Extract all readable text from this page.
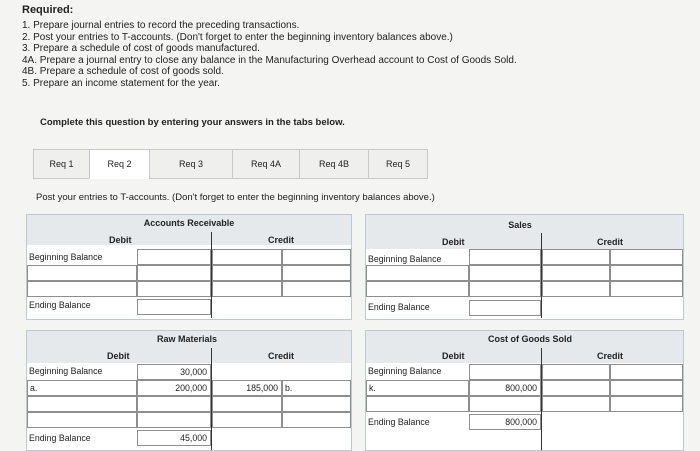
Required:
1. Prepare journal entries to record the preceding transactions.
2. Post your entries to T-accounts. (Don't forget to enter the beginning inventory balances above.)
3. Prepare a schedule of cost of goods manufactured.
4A. Prepare a journal entry to close any balance in the Manufacturing Overhead account to Cost of Goods Sold.
4B. Prepare a schedule of cost of goods sold.
5. Prepare an income statement for the year.
Complete this question by entering your answers in the tabs below.
Req 1	Req 2	Req 3	Req 4A	Req 4B	Req 5
Post your entries to T-accounts. (Don't forget to enter the beginning inventory balances above.)
Accounts Receivable
Debit	Credit
Beginning Balance
Ending Balance
Sales
Debit	Credit
Beginning Balance
Ending Balance
Raw Materials
Debit	Credit
Beginning Balance	30,000
a.	200,000	185,000 b.
Ending Balance	45,000
Cost of Goods Sold
Debit	Credit
Beginning Balance
k.	800,000
Ending Balance	800,000
